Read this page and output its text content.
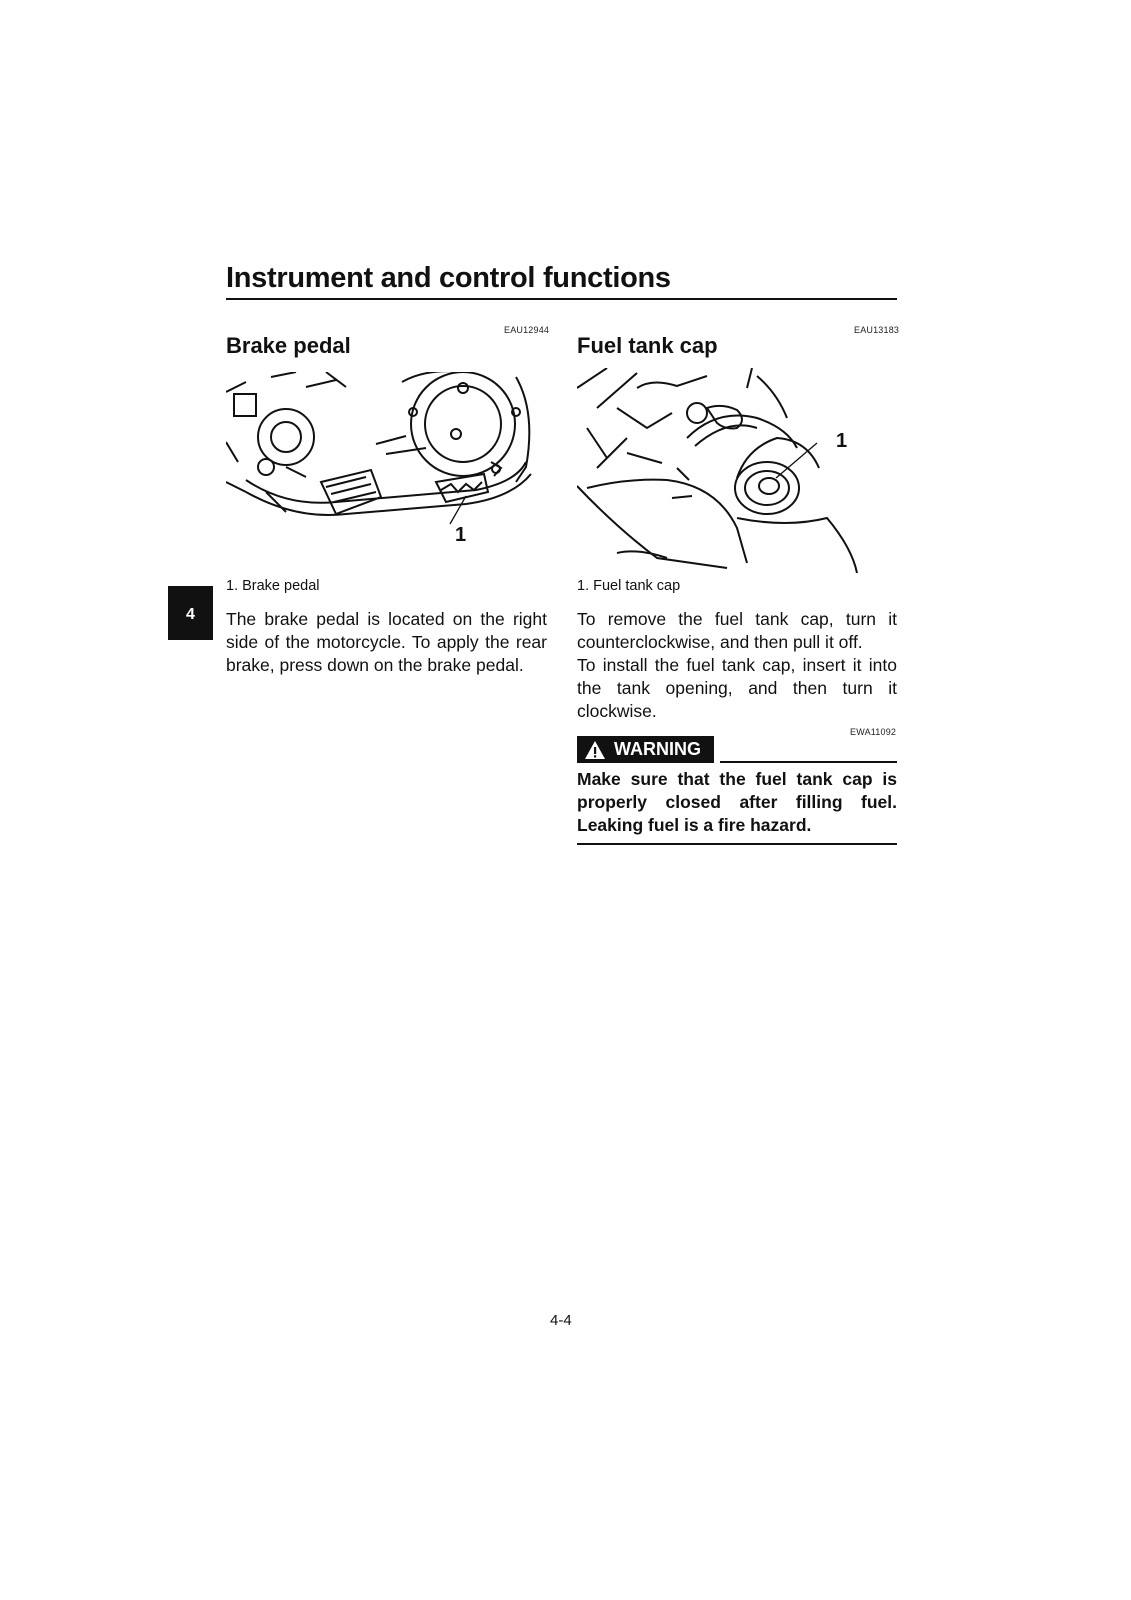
Instrument and control functions
4
EAU12944
Brake pedal
1
1. Brake pedal
The brake pedal is located on the right side of the motorcycle. To apply the rear brake, press down on the brake pedal.
EAU13183
Fuel tank cap
1
1. Fuel tank cap
To remove the fuel tank cap, turn it counterclockwise, and then pull it off.
To install the fuel tank cap, insert it into the tank opening, and then turn it clockwise.
EWA11092
WARNING
Make sure that the fuel tank cap is properly closed after filling fuel. Leaking fuel is a fire hazard.
4-4
